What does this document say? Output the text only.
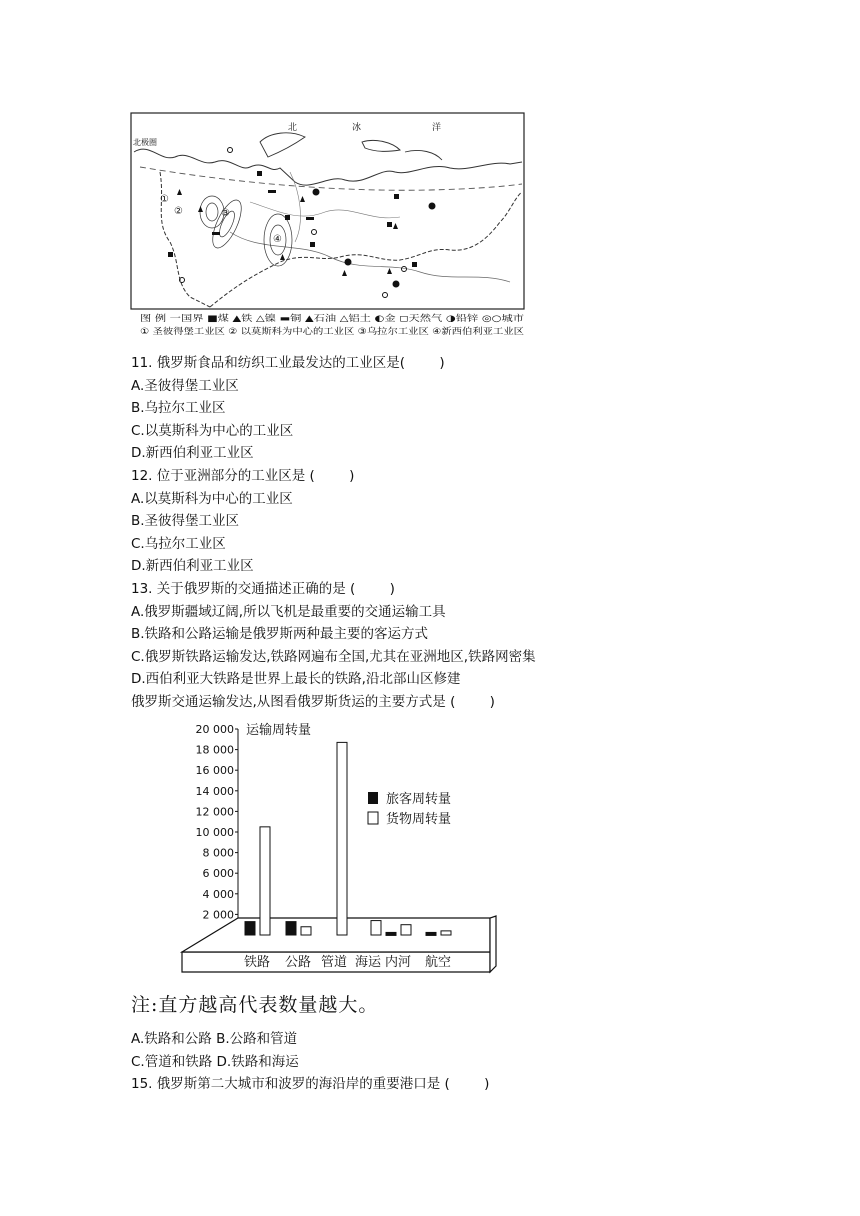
①
②	③
④
北	冰	洋
北极圈
图 例 一国界 ■煤 ▲铁 △镍 ▬铜 ▲石油 △铝土 ◐金 ◻天然气 ◑铅锌 ◎○城市
① 圣彼得堡工业区 ② 以莫斯科为中心的工业区 ③乌拉尔工业区 ④新西伯利亚工业区
11. 俄罗斯食品和纺织工业最发达的工业区是(        )
A.圣彼得堡工业区
B.乌拉尔工业区
C.以莫斯科为中心的工业区
D.新西伯利亚工业区
12. 位于亚洲部分的工业区是 (        )
A.以莫斯科为中心的工业区
B.圣彼得堡工业区
C.乌拉尔工业区
D.新西伯利亚工业区
13. 关于俄罗斯的交通描述正确的是 (        )
A.俄罗斯疆域辽阔,所以飞机是最重要的交通运输工具
B.铁路和公路运输是俄罗斯两种最主要的客运方式
C.俄罗斯铁路运输发达,铁路网遍布全国,尤其在亚洲地区,铁路网密集
D.西伯利亚大铁路是世界上最长的铁路,沿北部山区修建
俄罗斯交通运输发达,从图看俄罗斯货运的主要方式是 (        )
运输周转量
2 000
4 000
6 000
8 000
10 000
12 000
14 000
16 000
18 000
20 000
铁路 公路 管道 海运 内河 航空
旅客周转量
货物周转量
注:直方越高代表数量越大。
A.铁路和公路 B.公路和管道
C.管道和铁路 D.铁路和海运
15. 俄罗斯第二大城市和波罗的海沿岸的重要港口是 (        )
